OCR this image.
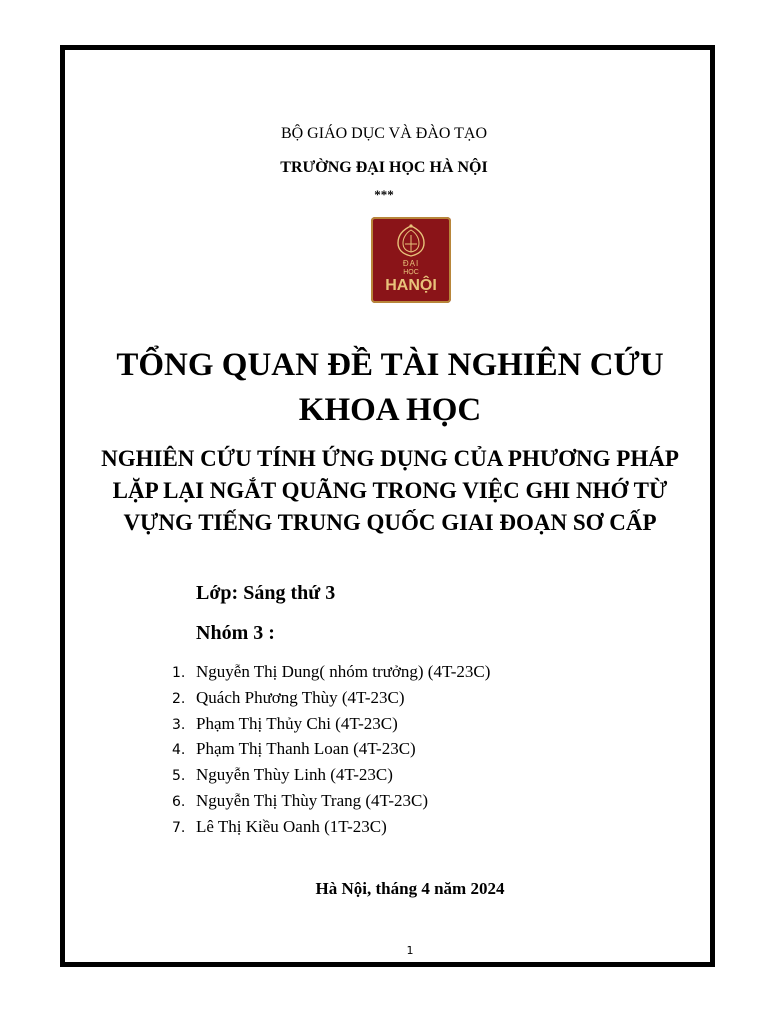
BỘ GIÁO DỤC VÀ ĐÀO TẠO
TRƯỜNG ĐẠI HỌC HÀ NỘI
***
ĐẠI
HỌC
HANỘI
TỔNG QUAN ĐỀ TÀI NGHIÊN CỨU KHOA HỌC
NGHIÊN CỨU TÍNH ỨNG DỤNG CỦA PHƯƠNG PHÁP LẶP LẠI NGẮT QUÃNG TRONG VIỆC GHI NHỚ TỪ VỰNG TIẾNG TRUNG QUỐC GIAI ĐOẠN SƠ CẤP
Lớp: Sáng thứ 3
Nhóm 3 :
1. Nguyễn Thị Dung( nhóm trưởng) (4T-23C)
2. Quách Phương Thùy (4T-23C)
3. Phạm Thị Thủy Chi (4T-23C)
4. Phạm Thị Thanh Loan (4T-23C)
5. Nguyễn Thùy Linh (4T-23C)
6. Nguyễn Thị Thùy Trang (4T-23C)
7. Lê Thị Kiều Oanh (1T-23C)
Hà Nội, tháng 4 năm 2024
1
